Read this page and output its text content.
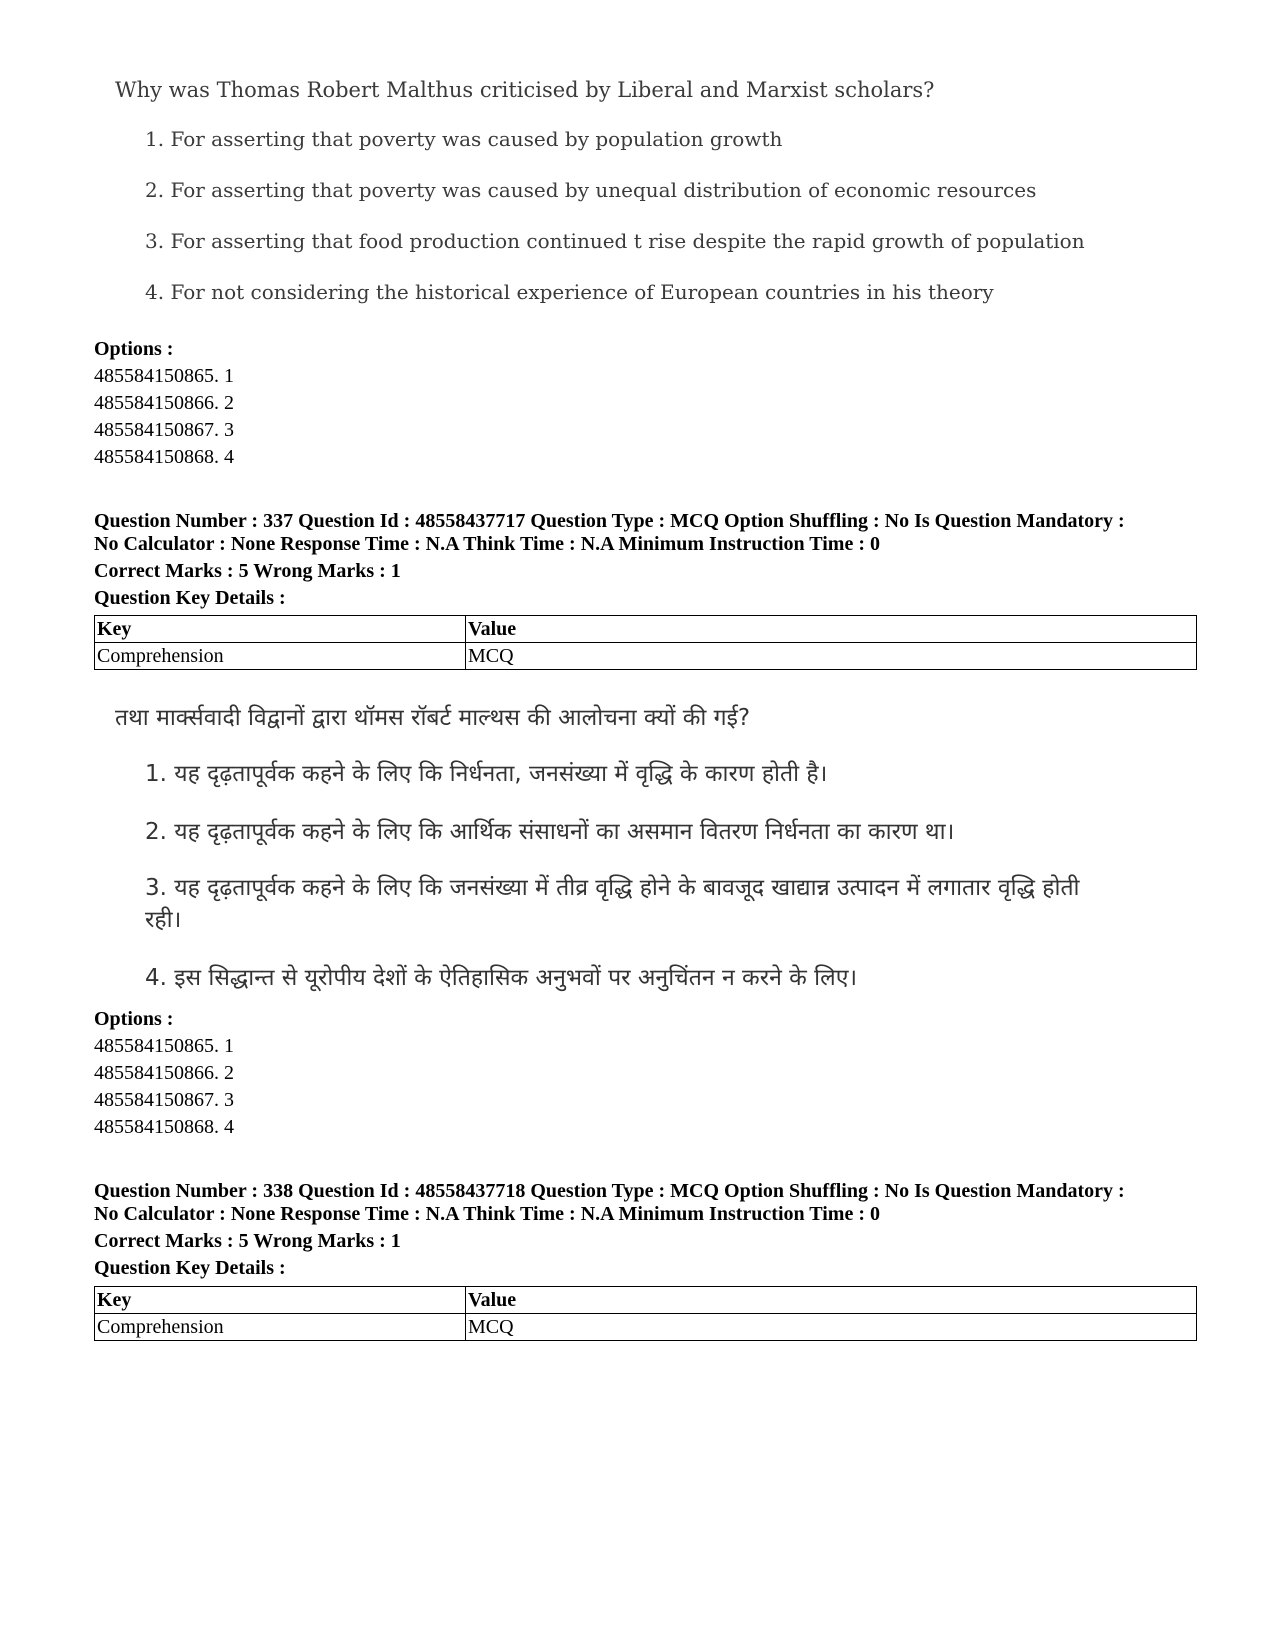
Why was Thomas Robert Malthus criticised by Liberal and Marxist scholars?
1. For asserting that poverty was caused by population growth
2. For asserting that poverty was caused by unequal distribution of economic resources
3. For asserting that food production continued t rise despite the rapid growth of population
4. For not considering the historical experience of European countries in his theory
Options :
485584150865. 1
485584150866. 2
485584150867. 3
485584150868. 4
Question Number : 337 Question Id : 48558437717 Question Type : MCQ Option Shuffling : No Is Question Mandatory :
No Calculator : None Response Time : N.A Think Time : N.A Minimum Instruction Time : 0
Correct Marks : 5 Wrong Marks : 1
Question Key Details :
Key	Value
Comprehension	MCQ
तथा मार्क्सवादी विद्वानों द्वारा थॉमस रॉबर्ट माल्थस की आलोचना क्यों की गई?
1. यह दृढ़तापूर्वक कहने के लिए कि निर्धनता, जनसंख्या में वृद्धि के कारण होती है।
2. यह दृढ़तापूर्वक कहने के लिए कि आर्थिक संसाधनों का असमान वितरण निर्धनता का कारण था।
3. यह दृढ़तापूर्वक कहने के लिए कि जनसंख्या में तीव्र वृद्धि होने के बावजूद खाद्यान्न उत्पादन में लगातार वृद्धि होती रही।
4. इस सिद्धान्त से यूरोपीय देशों के ऐतिहासिक अनुभवों पर अनुचिंतन न करने के लिए।
Options :
485584150865. 1
485584150866. 2
485584150867. 3
485584150868. 4
Question Number : 338 Question Id : 48558437718 Question Type : MCQ Option Shuffling : No Is Question Mandatory :
No Calculator : None Response Time : N.A Think Time : N.A Minimum Instruction Time : 0
Correct Marks : 5 Wrong Marks : 1
Question Key Details :
Key	Value
Comprehension	MCQ
